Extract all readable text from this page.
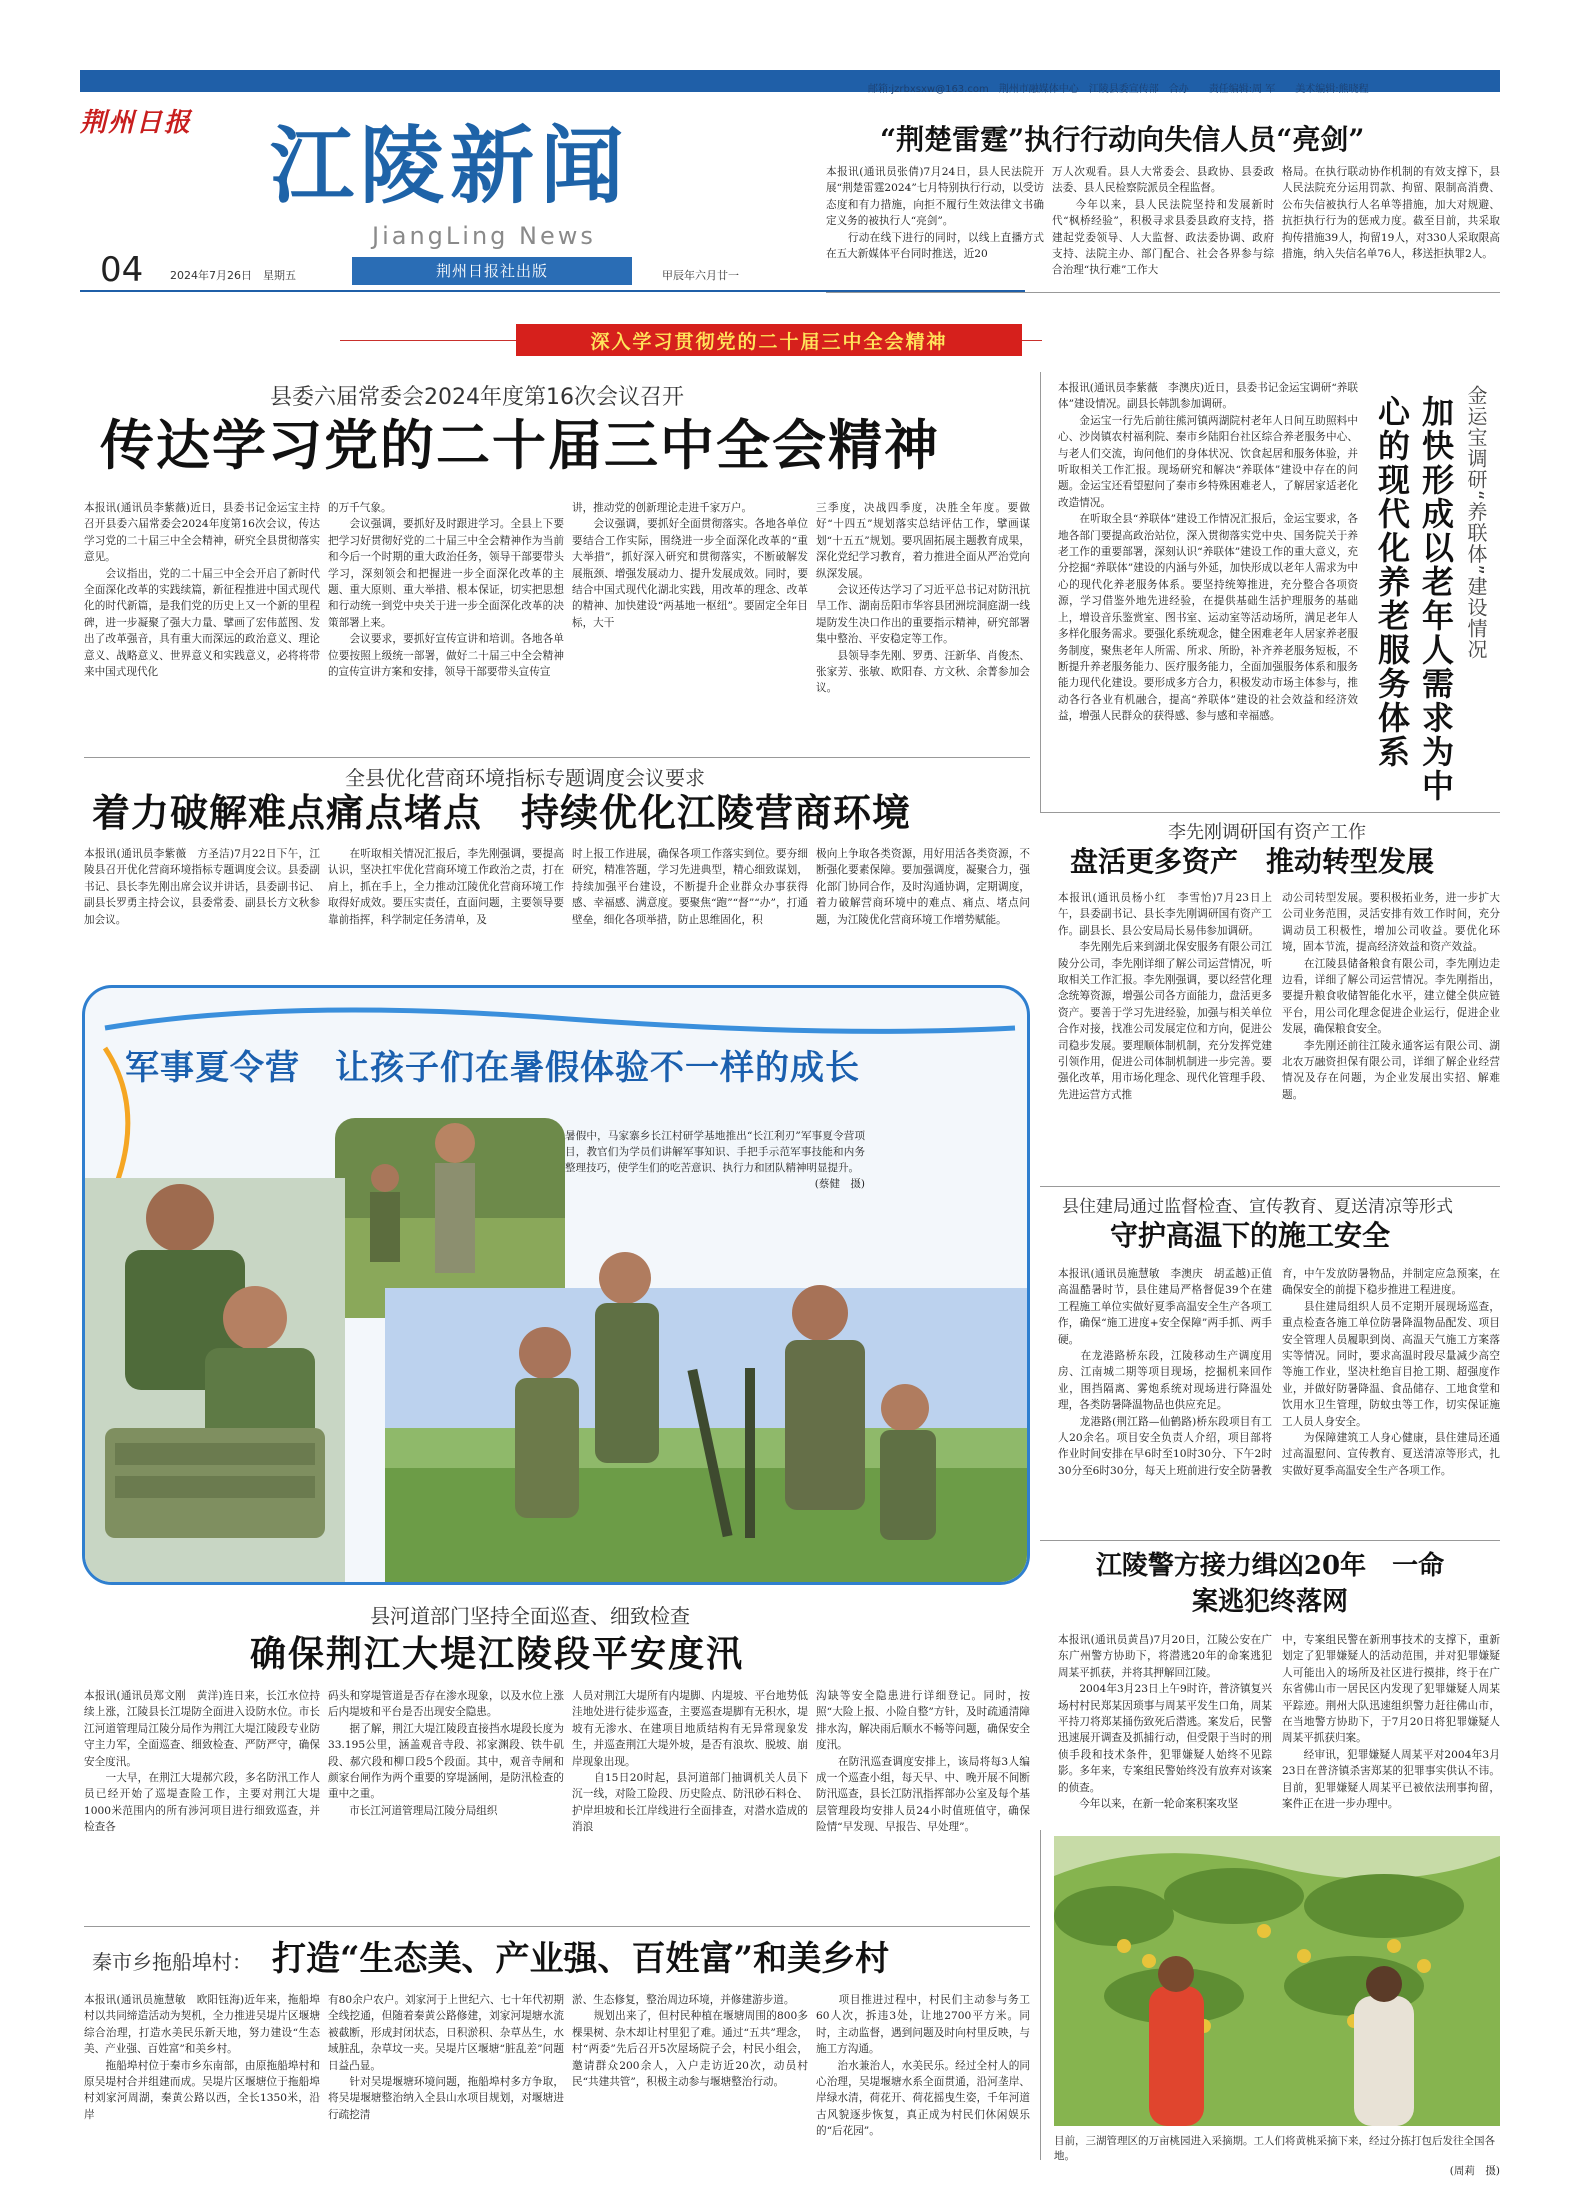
邮箱:jzrbxsxw@163.com　荆州市融媒体中心　江陵县委宣传部　合办　　责任编辑:周 军　　美术编辑:熊晓程
荆州日报 江陵新闻
JiangLing News
04 2024年7月26日　星期五	荆州日报社出版	甲辰年六月廿一
“荆楚雷霆”执行行动向失信人员“亮剑”
本报讯(通讯员张倩)7月24日，县人民法院开展“荆楚雷霆2024”七月特别执行行动，以受访态度和有力措施，向拒不履行生效法律文书确定义务的被执行人“亮剑”。
　　行动在线下进行的同时，以线上直播方式在五大新媒体平台同时推送，近20
万人次观看。县人大常委会、县政协、县委政法委、县人民检察院派员全程监督。
　　今年以来，县人民法院坚持和发展新时代“枫桥经验”，积极寻求县委县政府支持，搭建起党委领导、人大监督、政法委协调、政府支持、法院主办、部门配合、社会各界参与综合治理“执行难”工作大
格局。在执行联动协作机制的有效支撑下，县人民法院充分运用罚款、拘留、限制高消费、公布失信被执行人名单等措施，加大对规避、抗拒执行行为的惩戒力度。截至目前，共采取拘传措施39人，拘留19人，对330人采取限高措施，纳入失信名单76人，移送拒执罪2人。
深入学习贯彻党的二十届三中全会精神
县委六届常委会2024年度第16次会议召开
传达学习党的二十届三中全会精神
本报讯(通讯员李紫薇)近日，县委书记金运宝主持召开县委六届常委会2024年度第16次会议，传达学习党的二十届三中全会精神，研究全县贯彻落实意见。
　　会议指出，党的二十届三中全会开启了新时代全面深化改革的实践续篇，新征程推进中国式现代化的时代新篇，是我们党的历史上又一个新的里程碑，进一步凝聚了强大力量、擘画了宏伟蓝图、发出了改革强音，具有重大而深远的政治意义、理论意义、战略意义、世界意义和实践意义，必将将带来中国式现代化
的万千气象。
　　会议强调，要抓好及时跟进学习。全县上下要把学习好贯彻好党的二十届三中全会精神作为当前和今后一个时期的重大政治任务，领导干部要带头学习，深刻领会和把握进一步全面深化改革的主题、重大原则、重大举措、根本保证，切实把思想和行动统一到党中央关于进一步全面深化改革的决策部署上来。
　　会议要求，要抓好宣传宣讲和培训。各地各单位要按照上级统一部署，做好二十届三中全会精神的宣传宣讲方案和安排，领导干部要带头宣传宣
讲，推动党的创新理论走进千家万户。
　　会议强调，要抓好全面贯彻落实。各地各单位要结合工作实际，围绕进一步全面深化改革的“重大举措”，抓好深入研究和贯彻落实，不断破解发展瓶颈、增强发展动力、提升发展成效。同时，要结合中国式现代化湖北实践，用改革的理念、改革的精神、加快建设“两基地一枢纽”。要固定全年目标，大干
三季度，决战四季度，决胜全年度。要做好“十四五”规划落实总结评估工作，擘画谋划“十五五”规划。要巩固拓展主题教育成果，深化党纪学习教育，着力推进全面从严治党向纵深发展。
　　会议还传达学习了习近平总书记对防汛抗旱工作、湖南岳阳市华容县团洲垸洞庭湖一线堤防发生决口作出的重要指示精神，研究部署集中整治、平安稳定等工作。
　　县领导李先刚、罗勇、汪新华、肖俊杰、张家芳、张敏、欧阳春、方文秋、余菁参加会议。
金运宝调研“养联体”建设情况
加快形成以老年人需求为中心的现代化养老服务体系
本报讯(通讯员李紫薇　李澳庆)近日，县委书记金运宝调研“养联体”建设情况。副县长韩凯参加调研。
　　金运宝一行先后前往熊河镇两湖院村老年人日间互助照料中心、沙岗镇农村福利院、秦市乡陆阳台社区综合养老服务中心、与老人们交流，询问他们的身体状况、饮食起居和服务体验，并听取相关工作汇报。现场研究和解决“养联体”建设中存在的问题。金运宝还看望慰问了秦市乡特殊困难老人，了解居家适老化改造情况。
　　在听取全县“养联体”建设工作情况汇报后，金运宝要求，各地各部门要提高政治站位，深入贯彻落实党中央、国务院关于养老工作的重要部署，深刻认识“养联体”建设工作的重大意义，充分挖掘“养联体”建设的内涵与外延，加快形成以老年人需求为中心的现代化养老服务体系。要坚持统筹推进，充分整合各项资源，学习借鉴外地先进经验，在提供基础生活护理服务的基础上，增设音乐鉴赏室、图书室、运动室等活动场所，满足老年人多样化服务需求。要强化系统观念，健全困难老年人居家养老服务制度，聚焦老年人所需、所求、所盼，补齐养老服务短板，不断提升养老服务能力、医疗服务能力，全面加强服务体系和服务能力现代化建设。要形成多方合力，积极发动市场主体参与，推动各行各业有机融合，提高“养联体”建设的社会效益和经济效益，增强人民群众的获得感、参与感和幸福感。
全县优化营商环境指标专题调度会议要求
着力破解难点痛点堵点　持续优化江陵营商环境
本报讯(通讯员李紫薇　方圣洁)7月22日下午，江陵县召开优化营商环境指标专题调度会议。县委副书记、县长李先刚出席会议并讲话，县委副书记、副县长罗勇主持会议，县委常委、副县长方文秋参加会议。
　　在听取相关情况汇报后，李先刚强调，要提高认识，坚决扛牢优化营商环境工作政治之责，打在肩上，抓在手上，全力推动江陵优化营商环境工作取得好成效。要压实责任，直面问题，主要领导要靠前指挥，科学制定任务清单，及
时上报工作进展，确保各项工作落实到位。要夯细研究，精准答题，学习先进典型，精心细致谋划，持续加强平台建设，不断提升企业群众办事获得感、幸福感、满意度。要聚焦“跑”“督”“办”，打通壁垒，细化各项举措，防止思维固化，积
极向上争取各类资源，用好用活各类资源，不断强化要素保障。要加强调度，凝聚合力，强化部门协同合作，及时沟通协调，定期调度，着力破解营商环境中的难点、痛点、堵点问题，为江陵优化营商环境工作增势赋能。
李先刚调研国有资产工作
盘活更多资产　推动转型发展
本报讯(通讯员杨小红　李雪怡)7月23日上午，县委副书记、县长李先刚调研国有资产工作。副县长、县公安局局长易伟参加调研。
　　李先刚先后来到湖北保安服务有限公司江陵分公司，李先刚详细了解公司运营情况，听取相关工作汇报。李先刚强调，要以经营化理念统筹资源，增强公司各方面能力，盘活更多资产。要善于学习先进经验，加强与相关单位合作对接，找准公司发展定位和方向，促进公司稳步发展。要理顺体制机制，充分发挥党建引领作用，促进公司体制机制进一步完善。要强化改革，用市场化理念、现代化管理手段、先进运营方式推
动公司转型发展。要积极拓业务，进一步扩大公司业务范围，灵活安排有效工作时间，充分调动员工积极性，增加公司收益。要优化环境，固本节流，提高经济效益和资产效益。
　　在江陵县储备粮食有限公司，李先刚边走边看，详细了解公司运营情况。李先刚指出，要提升粮食收储智能化水平，建立健全供应链平台，用公司化理念促进企业运行，促进企业发展，确保粮食安全。
　　李先刚还前往江陵永通客运有限公司、湖北农万融资担保有限公司，详细了解企业经营情况及存在问题，为企业发展出实招、解难题。
军事夏令营　让孩子们在暑假体验不一样的成长
暑假中，马家寨乡长江村研学基地推出“长江利刃”军事夏令营项目，教官们为学员们讲解军事知识、手把手示范军事技能和内务整理技巧，使学生们的吃苦意识、执行力和团队精神明显提升。
(蔡健　摄)
县住建局通过监督检查、宣传教育、夏送清凉等形式
守护高温下的施工安全
本报讯(通讯员施慧敏　李澳庆　胡孟越)正值高温酷暑时节，县住建局严格督促39个在建工程施工单位实做好夏季高温安全生产各项工作，确保“施工进度+安全保障”两手抓、两手硬。
　　在龙港路桥东段，江陵移动生产调度用房、江南城二期等项目现场，挖掘机来回作业，围挡隔离、雾炮系统对现场进行降温处理，各类防暑降温物品也供应充足。
　　龙港路(荆江路—仙鹤路)桥东段项目有工人20余名。项目安全负责人介绍，项目部将作业时间安排在早6时至10时30分、下午2时30分至6时30分，每天上班前进行安全防暑教
育，中午发放防暑物品，并制定应急预案，在确保安全的前提下稳步推进工程进度。
　　县住建局组织人员不定期开展现场巡查，重点检查各施工单位防暑降温物品配发、项目安全管理人员履职到岗、高温天气施工方案落实等情况。同时，要求高温时段尽量减少高空等施工作业，坚决杜绝盲目抢工期、超强度作业，并做好防暑降温、食品储存、工地食堂和饮用水卫生管理，防蚊虫等工作，切实保证施工人员人身安全。
　　为保障建筑工人身心健康，县住建局还通过高温慰问、宣传教育、夏送清凉等形式，扎实做好夏季高温安全生产各项工作。
江陵警方接力缉凶20年　一命案逃犯终落网
本报讯(通讯员黄昌)7月20日，江陵公安在广东广州警方协助下，将潜逃20年的命案逃犯周某平抓获，并将其押解回江陵。
　　2004年3月23日上午9时许，普济镇复兴场村村民郑某因琐事与周某平发生口角，周某平持刀将郑某捅伤致死后潜逃。案发后，民警迅速展开调查及抓捕行动，但受限于当时的刑侦手段和技术条件，犯罪嫌疑人始终不见踪影。多年来，专案组民警始终没有放弃对该案的侦查。
　　今年以来，在新一轮命案积案攻坚
中，专案组民警在新刑事技术的支撑下，重新划定了犯罪嫌疑人的活动范围，并对犯罪嫌疑人可能出入的场所及社区进行摸排，终于在广东省佛山市一居民区内发现了犯罪嫌疑人周某平踪迹。荆州大队迅速组织警力赶往佛山市，在当地警方协助下，于7月20日将犯罪嫌疑人周某平抓获归案。
　　经审讯，犯罪嫌疑人周某平对2004年3月23日在普济镇杀害郑某的犯罪事实供认不讳。目前，犯罪嫌疑人周某平已被依法刑事拘留，案件正在进一步办理中。
县河道部门坚持全面巡查、细致检查
确保荆江大堤江陵段平安度汛
本报讯(通讯员郑文刚　黄洋)连日来，长江水位持续上涨，江陵县长江堤防全面进入设防水位。市长江河道管理局江陵分局作为荆江大堤江陵段专业防守主力军，全面巡查、细致检查、严防严守，确保安全度汛。
　　一大早，在荆江大堤郝穴段，多名防汛工作人员已经开始了巡堤查险工作，主要对荆江大堤1000米范围内的所有涉河项目进行细致巡查，并检查各
码头和穿堤管道是否存在渗水现象，以及水位上涨后内堤坡和平台是否出现安全隐患。
　　据了解，荆江大堤江陵段直接挡水堤段长度为33.195公里，涵盖观音寺段、祁家渊段、铁牛矶段、郝穴段和柳口段5个段面。其中，观音寺闸和颜家台闸作为两个重要的穿堤涵闸，是防汛检查的重中之重。
　　市长江河道管理局江陵分局组织
人员对荆江大堤所有内堤脚、内堤坡、平台地势低洼地处进行徒步巡查，主要巡查堤脚有无积水，堤坡有无渗水、在建项目地质结构有无异常现象发生，并巡查荆江大堤外坡，是否有浪坎、脱坡、崩岸现象出现。
　　自15日20时起，县河道部门抽调机关人员下沉一线，对险工险段、历史险点、防汛砂石料仓、护岸坦坡和长江岸线进行全面排查，对潜水造成的消浪
沟缺等安全隐患进行详细登记。同时，按照“大险上报、小险自整”方针，及时疏通清障排水沟，解决雨后顺水不畅等问题，确保安全度汛。
　　在防汛巡查调度安排上，该局将每3人编成一个巡查小组，每天早、中、晚开展不间断防汛巡查，县长江防汛指挥部办公室及每个基层管理段均安排人员24小时值班值守，确保险情“早发现、早报告、早处理”。
秦市乡拖船埠村： 打造“生态美、产业强、百姓富”和美乡村
本报讯(通讯员施慧敏　欧阳钰海)近年来，拖船埠村以共同缔造活动为契机，全力推进吴堤片区堰塘综合治理，打造水美民乐新天地，努力建设“生态美、产业强、百姓富”和美乡村。
　　拖船埠村位于秦市乡东南部，由原拖船埠村和原吴堤村合并组建而成。吴堤片区堰塘位于拖船埠村刘家河周湖，秦黄公路以西，全长1350米，沿岸
有80余户农户。刘家河于上世纪六、七十年代初期全线挖通，但随着秦黄公路修建，刘家河堤塘水流被截断，形成封闭状态，日积淤积、杂草丛生，水域脏乱，杂草坟一夹。吴堤片区堰塘“脏乱差”问题日益凸显。
　　针对吴堤堰塘环境问题，拖船埠村多方争取，将吴堤堰塘整治纳入全县山水项目规划，对堰塘进行疏挖清
淤、生态修复，整治周边环境，并修建游步道。
　　规划出来了，但村民种植在堰塘周围的800多棵果树、杂木却让村里犯了难。通过“五共”理念，村“两委”先后召开5次屋场院子会，村民小组会，邀请群众200余人，入户走访近20次，动员村民“共建共管”，积极主动参与堰塘整治行动。
　　项目推进过程中，村民们主动参与务工60人次，拆违3处，让地2700平方米。同时，主动监督，遇到问题及时向村里反映，与施工方沟通。
　　治水兼治人，水美民乐。经过全村人的同心治理，吴堤堰塘水系全面贯通，沿河垄岸、岸绿水清，荷花开、荷花摇曳生姿，千年河道古风貌逐步恢复，真正成为村民们休闲娱乐的“后花园”。
目前，三湖管理区的万亩桃园进入采摘期。工人们将黄桃采摘下来，经过分拣打包后发往全国各地。
(周莉　摄)
